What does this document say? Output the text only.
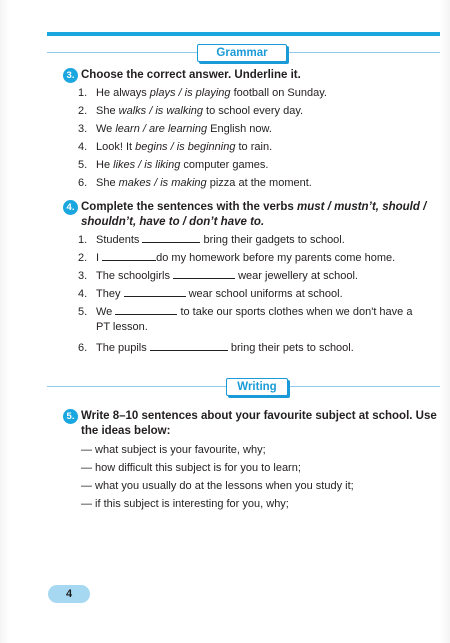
Grammar
3. Choose the correct answer. Underline it.
1. He always plays / is playing football on Sunday.
2. She walks / is walking to school every day.
3. We learn / are learning English now.
4. Look! It begins / is beginning to rain.
5. He likes / is liking computer games.
6. She makes / is making pizza at the moment.
4. Complete the sentences with the verbs must / mustn’t, should /
shouldn’t, have to / don’t have to.
1. Students	bring their gadgets to school.
2. I	do my homework before my parents come home.
3. The schoolgirls	wear jewellery at school.
4. They	wear school uniforms at school.
5. We	to take our sports clothes when we don't have a
PT lesson.
6. The pupils	bring their pets to school.
Writing
5. Write 8–10 sentences about your favourite subject at school. Use
the ideas below:
— what subject is your favourite, why;
— how difficult this subject is for you to learn;
— what you usually do at the lessons when you study it;
— if this subject is interesting for you, why;
4
